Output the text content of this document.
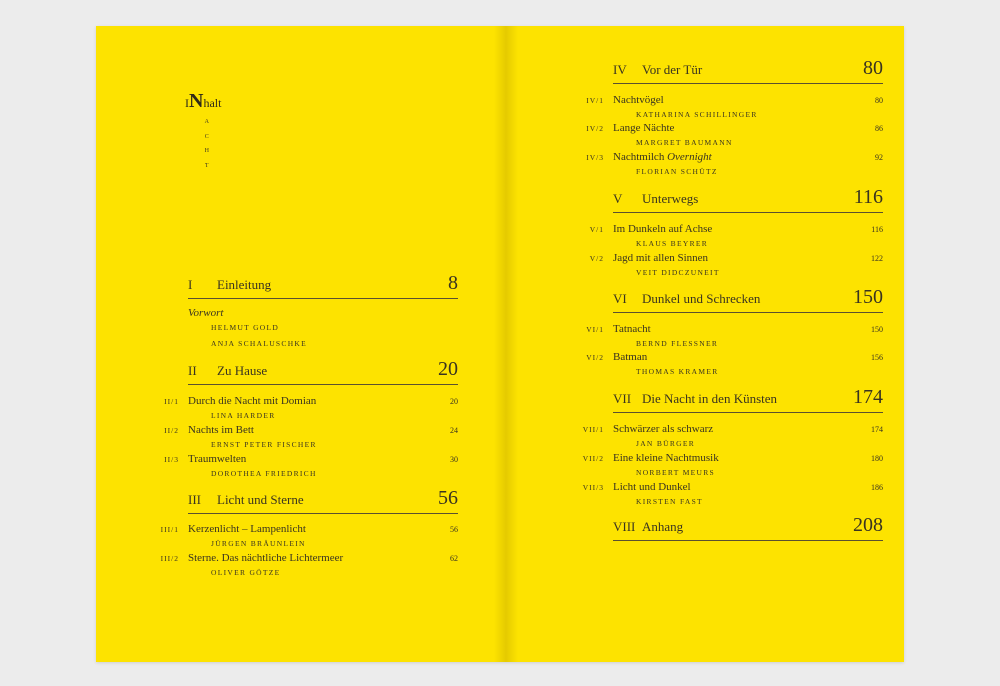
INhalt
A
C
H
T
I Einleitung	8
Vorwort
HELMUT GOLD
ANJA SCHALUSCHKE
II Zu Hause	20
II/1 Durch die Nacht mit Domian	20
LINA HARDER
II/2 Nachts im Bett	24
ERNST PETER FISCHER
II/3 Traumwelten	30
DOROTHEA FRIEDRICH
III Licht und Sterne	56
III/1 Kerzenlicht – Lampenlicht	56
JÜRGEN BRÄUNLEIN
III/2 Sterne. Das nächtliche Lichtermeer	62
OLIVER GÖTZE
IV Vor der Tür	80
IV/1 Nachtvögel	80
KATHARINA SCHILLINGER
IV/2 Lange Nächte	86
MARGRET BAUMANN
IV/3 Nachtmilch Overnight	92
FLORIAN SCHÜTZ
V Unterwegs	116
V/1 Im Dunkeln auf Achse	116
KLAUS BEYRER
V/2 Jagd mit allen Sinnen	122
VEIT DIDCZUNEIT
VI Dunkel und Schrecken	150
VI/1 Tatnacht	150
BERND FLESSNER
VI/2 Batman	156
THOMAS KRAMER
VII Die Nacht in den Künsten	174
VII/1 Schwärzer als schwarz	174
JAN BÜRGER
VII/2 Eine kleine Nachtmusik	180
NORBERT MEURS
VII/3 Licht und Dunkel	186
KIRSTEN FAST
VIII Anhang	208
